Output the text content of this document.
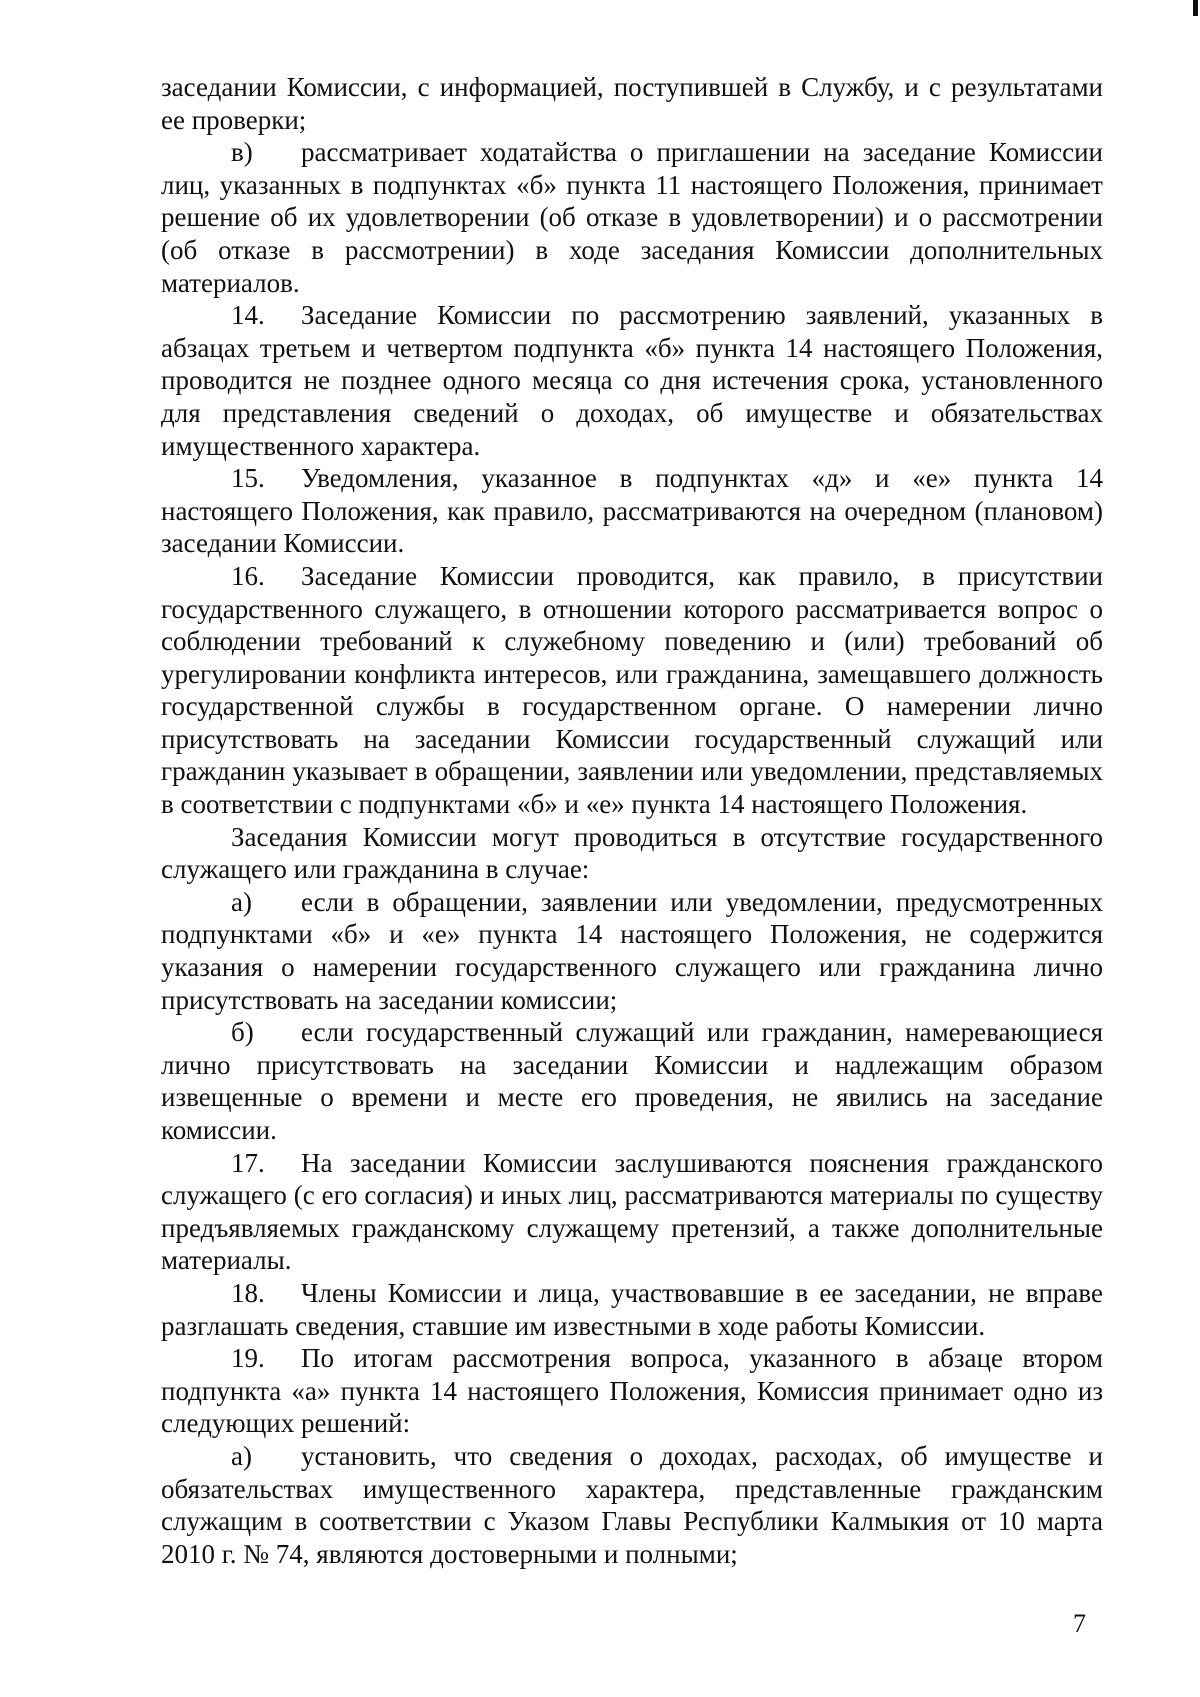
заседании Комиссии, с информацией, поступившей в Службу, и с результатами ее проверки;

в) рассматривает ходатайства о приглашении на заседание Комиссии лиц, указанных в подпунктах «б» пункта 11 настоящего Положения, принимает решение об их удовлетворении (об отказе в удовлетворении) и о рассмотрении (об отказе в рассмотрении) в ходе заседания Комиссии дополнительных материалов.

14. Заседание Комиссии по рассмотрению заявлений, указанных в абзацах третьем и четвертом подпункта «б» пункта 14 настоящего Положения, проводится не позднее одного месяца со дня истечения срока, установленного для представления сведений о доходах, об имуществе и обязательствах имущественного характера.

15. Уведомления, указанное в подпунктах «д» и «е» пункта 14 настоящего Положения, как правило, рассматриваются на очередном (плановом) заседании Комиссии.

16. Заседание Комиссии проводится, как правило, в присутствии государственного служащего, в отношении которого рассматривается вопрос о соблюдении требований к служебному поведению и (или) требований об урегулировании конфликта интересов, или гражданина, замещавшего должность государственной службы в государственном органе. О намерении лично присутствовать на заседании Комиссии государственный служащий или гражданин указывает в обращении, заявлении или уведомлении, представляемых в соответствии с подпунктами «б» и «е» пункта 14 настоящего Положения.

Заседания Комиссии могут проводиться в отсутствие государственного служащего или гражданина в случае:

а) если в обращении, заявлении или уведомлении, предусмотренных подпунктами «б» и «е» пункта 14 настоящего Положения, не содержится указания о намерении государственного служащего или гражданина лично присутствовать на заседании комиссии;

б) если государственный служащий или гражданин, намеревающиеся лично присутствовать на заседании Комиссии и надлежащим образом извещенные о времени и месте его проведения, не явились на заседание комиссии.

17. На заседании Комиссии заслушиваются пояснения гражданского служащего (с его согласия) и иных лиц, рассматриваются материалы по существу предъявляемых гражданскому служащему претензий, а также дополнительные материалы.

18. Члены Комиссии и лица, участвовавшие в ее заседании, не вправе разглашать сведения, ставшие им известными в ходе работы Комиссии.

19. По итогам рассмотрения вопроса, указанного в абзаце втором подпункта «а» пункта 14 настоящего Положения, Комиссия принимает одно из следующих решений:

а) установить, что сведения о доходах, расходах, об имуществе и обязательствах имущественного характера, представленные гражданским служащим в соответствии с Указом Главы Республики Калмыкия от 10 марта 2010 г. № 74, являются достоверными и полными;

7
